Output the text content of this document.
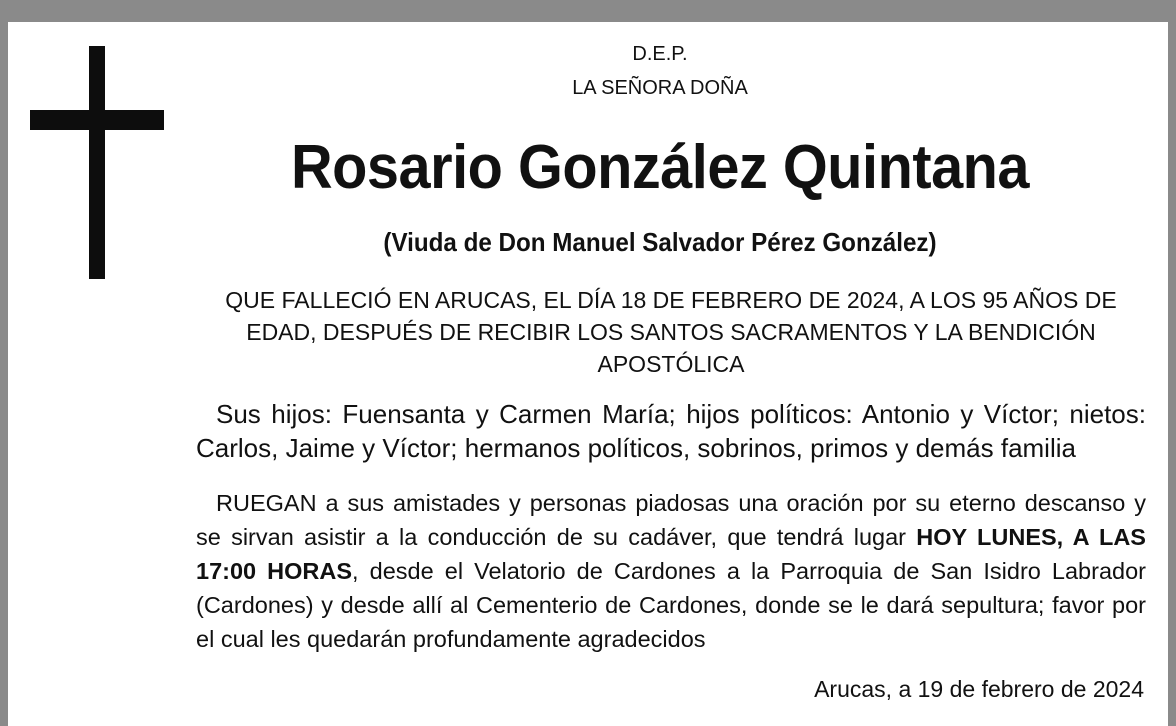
D.E.P.
LA SEÑORA DOÑA
Rosario González Quintana
(Viuda de Don Manuel Salvador Pérez González)
QUE FALLECIÓ EN ARUCAS, EL DÍA 18 DE FEBRERO DE 2024, A LOS 95 AÑOS DE EDAD, DESPUÉS DE RECIBIR LOS SANTOS SACRAMENTOS Y LA BENDICIÓN APOSTÓLICA
Sus hijos: Fuensanta y Carmen María; hijos políticos: Antonio y Víctor; nietos: Carlos, Jaime y Víctor; hermanos políticos, sobrinos, primos y demás familia
RUEGAN a sus amistades y personas piadosas una oración por su eterno descanso y se sirvan asistir a la conducción de su cadáver, que tendrá lugar HOY LUNES, A LAS 17:00 HORAS, desde el Velatorio de Cardones a la Parroquia de San Isidro Labrador (Cardones) y desde allí al Cementerio de Cardones, donde se le dará sepultura; favor por el cual les quedarán profundamente agradecidos
Arucas, a 19 de febrero de 2024
